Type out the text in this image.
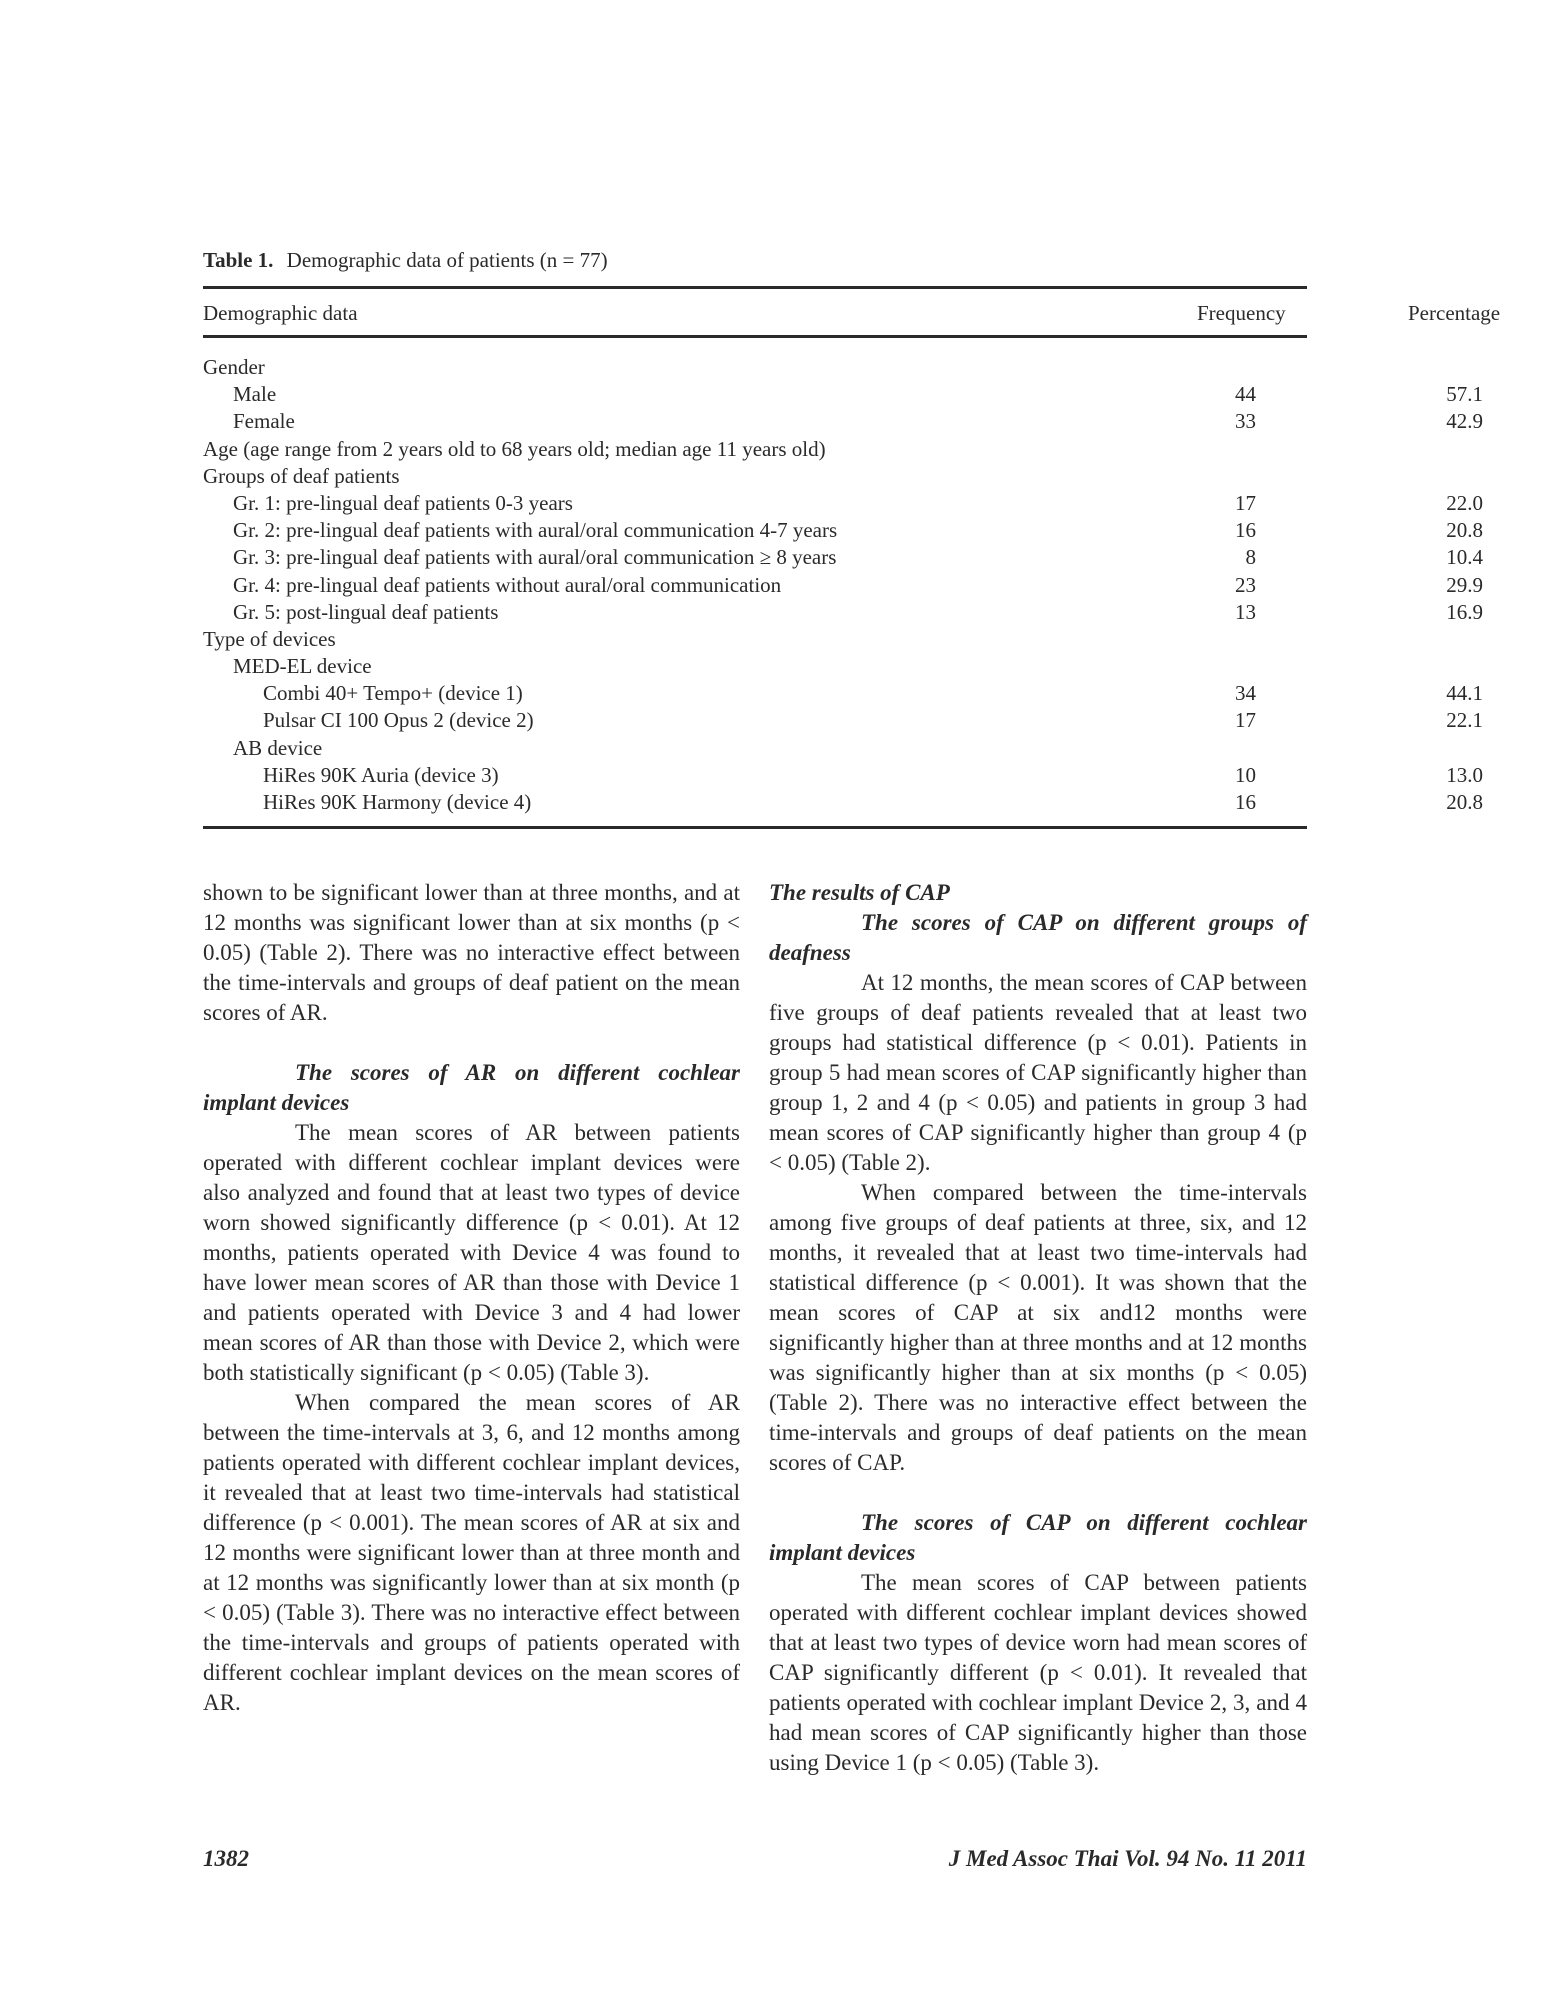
Table 1. Demographic data of patients (n = 77)
Demographic data	Frequency	Percentage
Gender
Male	44	57.1
Female	33	42.9
Age (age range from 2 years old to 68 years old; median age 11 years old)
Groups of deaf patients
Gr. 1: pre-lingual deaf patients 0-3 years	17	22.0
Gr. 2: pre-lingual deaf patients with aural/oral communication 4-7 years	16	20.8
Gr. 3: pre-lingual deaf patients with aural/oral communication ≥ 8 years	8	10.4
Gr. 4: pre-lingual deaf patients without aural/oral communication	23	29.9
Gr. 5: post-lingual deaf patients	13	16.9
Type of devices
MED-EL device
Combi 40+ Tempo+ (device 1)	34	44.1
Pulsar CI 100 Opus 2 (device 2)	17	22.1
AB device
HiRes 90K Auria (device 3)	10	13.0
HiRes 90K Harmony (device 4)	16	20.8

shown to be significant lower than at three months, and at 12 months was significant lower than at six months (p < 0.05) (Table 2). There was no interactive effect between the time-intervals and groups of deaf patient on the mean scores of AR.

The scores of AR on different cochlear implant devices

The mean scores of AR between patients operated with different cochlear implant devices were also analyzed and found that at least two types of device worn showed significantly difference (p < 0.01). At 12 months, patients operated with Device 4 was found to have lower mean scores of AR than those with Device 1 and patients operated with Device 3 and 4 had lower mean scores of AR than those with Device 2, which were both statistically significant (p < 0.05) (Table 3).

When compared the mean scores of AR between the time-intervals at 3, 6, and 12 months among patients operated with different cochlear implant devices, it revealed that at least two time-intervals had statistical difference (p < 0.001). The mean scores of AR at six and 12 months were significant lower than at three month and at 12 months was significantly lower than at six month (p < 0.05) (Table 3). There was no interactive effect between the time-intervals and groups of patients operated with different cochlear implant devices on the mean scores of AR.

The results of CAP

The scores of CAP on different groups of deafness

At 12 months, the mean scores of CAP between five groups of deaf patients revealed that at least two groups had statistical difference (p < 0.01). Patients in group 5 had mean scores of CAP significantly higher than group 1, 2 and 4 (p < 0.05) and patients in group 3 had mean scores of CAP significantly higher than group 4 (p < 0.05) (Table 2).

When compared between the time-intervals among five groups of deaf patients at three, six, and 12 months, it revealed that at least two time-intervals had statistical difference (p < 0.001). It was shown that the mean scores of CAP at six and12 months were significantly higher than at three months and at 12 months was significantly higher than at six months (p < 0.05) (Table 2). There was no interactive effect between the time-intervals and groups of deaf patients on the mean scores of CAP.

The scores of CAP on different cochlear implant devices

The mean scores of CAP between patients operated with different cochlear implant devices showed that at least two types of device worn had mean scores of CAP significantly different (p < 0.01). It revealed that patients operated with cochlear implant Device 2, 3, and 4 had mean scores of CAP significantly higher than those using Device 1 (p < 0.05) (Table 3).

1382	J Med Assoc Thai Vol. 94 No. 11 2011
